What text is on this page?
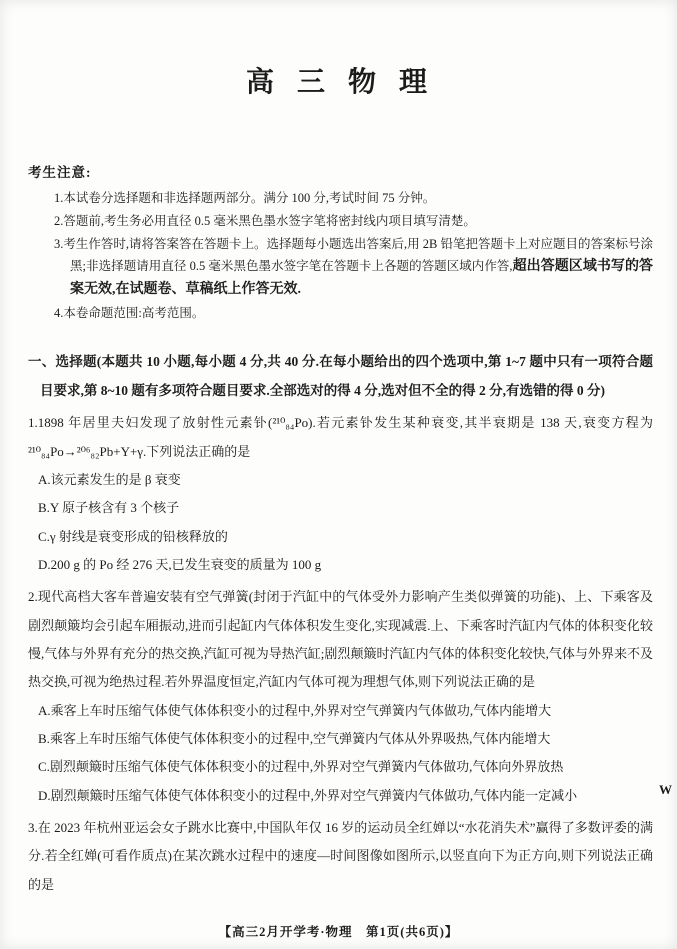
高 三 物 理
考生注意:
1.本试卷分选择题和非选择题两部分。满分 100 分,考试时间 75 分钟。
2.答题前,考生务必用直径 0.5 毫米黑色墨水签字笔将密封线内项目填写清楚。
3.考生作答时,请将答案答在答题卡上。选择题每小题选出答案后,用 2B 铅笔把答题卡上对应题目的答案标号涂黑;非选择题请用直径 0.5 毫米黑色墨水签字笔在答题卡上各题的答题区域内作答,超出答题区域书写的答案无效,在试题卷、草稿纸上作答无效.
4.本卷命题范围:高考范围。
一、选择题(本题共 10 小题,每小题 4 分,共 40 分.在每小题给出的四个选项中,第 1~7 题中只有一项符合题目要求,第 8~10 题有多项符合题目要求.全部选对的得 4 分,选对但不全的得 2 分,有选错的得 0 分)
1.1898 年居里夫妇发现了放射性元素钋(²¹⁰₈₄Po).若元素钋发生某种衰变,其半衰期是 138 天,衰变方程为²¹⁰₈₄Po→²⁰⁶₈₂Pb+Y+γ.下列说法正确的是
A.该元素发生的是 β 衰变
B.Y 原子核含有 3 个核子
C.γ 射线是衰变形成的铅核释放的
D.200 g 的 Po 经 276 天,已发生衰变的质量为 100 g
2.现代高档大客车普遍安装有空气弹簧(封闭于汽缸中的气体受外力影响产生类似弹簧的功能)、上、下乘客及剧烈颠簸均会引起车厢振动,进而引起缸内气体体积发生变化,实现减震.上、下乘客时汽缸内气体的体积变化较慢,气体与外界有充分的热交换,汽缸可视为导热汽缸;剧烈颠簸时汽缸内气体的体积变化较快,气体与外界来不及热交换,可视为绝热过程.若外界温度恒定,汽缸内气体可视为理想气体,则下列说法正确的是
A.乘客上车时压缩气体使气体体积变小的过程中,外界对空气弹簧内气体做功,气体内能增大
B.乘客上车时压缩气体使气体体积变小的过程中,空气弹簧内气体从外界吸热,气体内能增大
C.剧烈颠簸时压缩气体使气体体积变小的过程中,外界对空气弹簧内气体做功,气体向外界放热
D.剧烈颠簸时压缩气体使气体体积变小的过程中,外界对空气弹簧内气体做功,气体内能一定减小
3.在 2023 年杭州亚运会女子跳水比赛中,中国队年仅 16 岁的运动员全红婵以“水花消失术”赢得了多数评委的满分.若全红婵(可看作质点)在某次跳水过程中的速度—时间图像如图所示,以竖直向下为正方向,则下列说法正确的是
W
【高三2月开学考·物理　第1页(共6页)】
